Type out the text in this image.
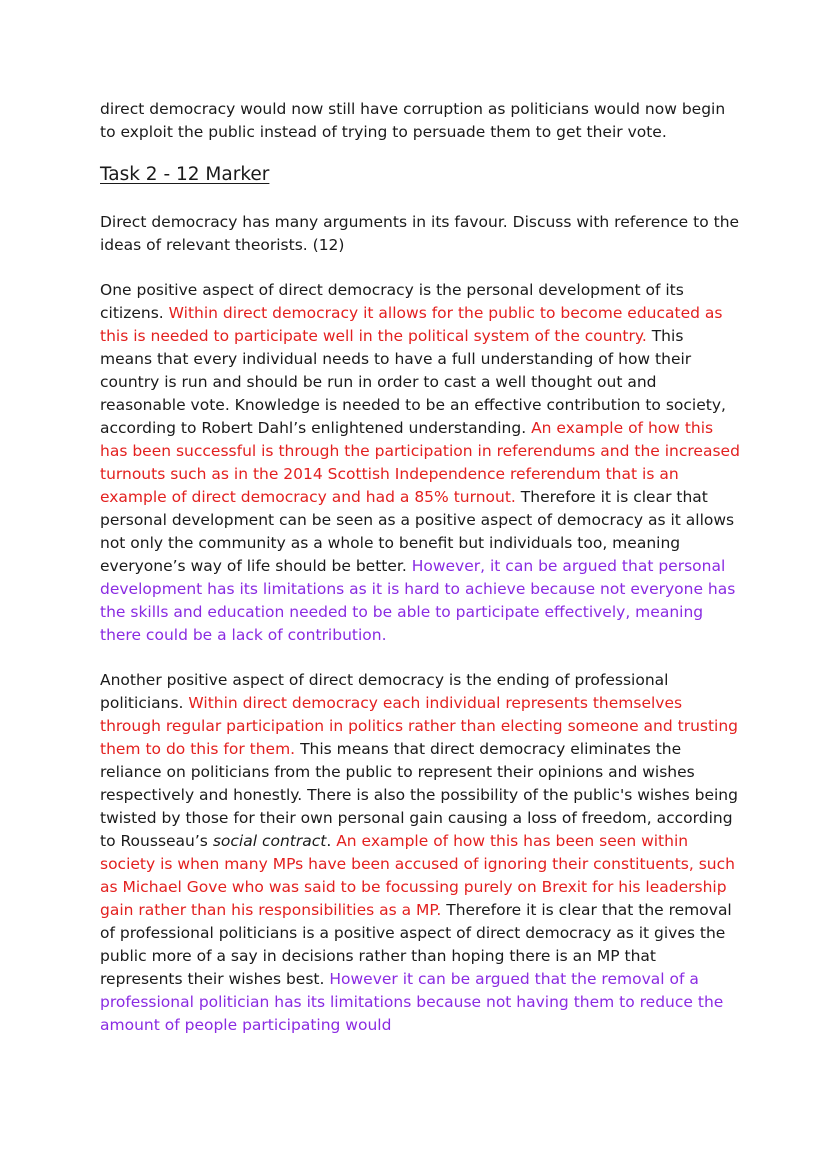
direct democracy would now still have corruption as politicians would now begin to exploit the public instead of trying to persuade them to get their vote.

Task 2 - 12 Marker

Direct democracy has many arguments in its favour. Discuss with reference to the ideas of relevant theorists. (12)

One positive aspect of direct democracy is the personal development of its citizens. Within direct democracy it allows for the public to become educated as this is needed to participate well in the political system of the country. This means that every individual needs to have a full understanding of how their country is run and should be run in order to cast a well thought out and reasonable vote. Knowledge is needed to be an effective contribution to society, according to Robert Dahl’s enlightened understanding. An example of how this has been successful is through the participation in referendums and the increased turnouts such as in the 2014 Scottish Independence referendum that is an example of direct democracy and had a 85% turnout. Therefore it is clear that personal development can be seen as a positive aspect of democracy as it allows not only the community as a whole to benefit but individuals too, meaning everyone’s way of life should be better. However, it can be argued that personal development has its limitations as it is hard to achieve because not everyone has the skills and education needed to be able to participate effectively, meaning there could be a lack of contribution.

Another positive aspect of direct democracy is the ending of professional politicians. Within direct democracy each individual represents themselves through regular participation in politics rather than electing someone and trusting them to do this for them. This means that direct democracy eliminates the reliance on politicians from the public to represent their opinions and wishes respectively and honestly. There is also the possibility of the public's wishes being twisted by those for their own personal gain causing a loss of freedom, according to Rousseau’s social contract. An example of how this has been seen within society is when many MPs have been accused of ignoring their constituents, such as Michael Gove who was said to be focussing purely on Brexit for his leadership gain rather than his responsibilities as a MP. Therefore it is clear that the removal of professional politicians is a positive aspect of direct democracy as it gives the public more of a say in decisions rather than hoping there is an MP that represents their wishes best. However it can be argued that the removal of a professional politician has its limitations because not having them to reduce the amount of people participating would
